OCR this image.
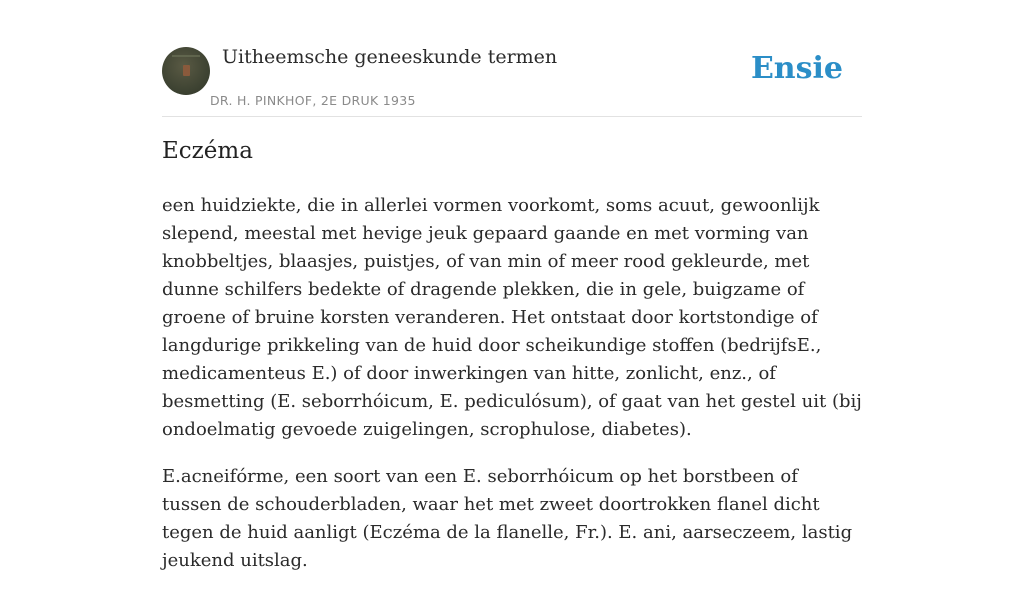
Uitheemsche geneeskunde termen
DR. H. PINKHOF, 2E DRUK 1935
Ensie
Eczéma

een huidziekte, die in allerlei vormen voorkomt, soms acuut, gewoonlijk slepend, meestal met hevige jeuk gepaard gaande en met vorming van knobbeltjes, blaasjes, puistjes, of van min of meer rood gekleurde, met dunne schilfers bedekte of dragende plekken, die in gele, buigzame of groene of bruine korsten veranderen. Het ontstaat door kortstondige of langdurige prikkeling van de huid door scheikundige stoffen (bedrijfsE., medicamenteus E.) of door inwerkingen van hitte, zonlicht, enz., of besmetting (E. seborrhóicum, E. pediculósum), of gaat van het gestel uit (bij ondoelmatig gevoede zuigelingen, scrophulose, diabetes).

E.acneifórme, een soort van een E. seborrhóicum op het borstbeen of tussen de schouderbladen, waar het met zweet doortrokken flanel dicht tegen de huid aanligt (Eczéma de la flanelle, Fr.). E. ani, aarseczeem, lastig jeukend uitslag.
